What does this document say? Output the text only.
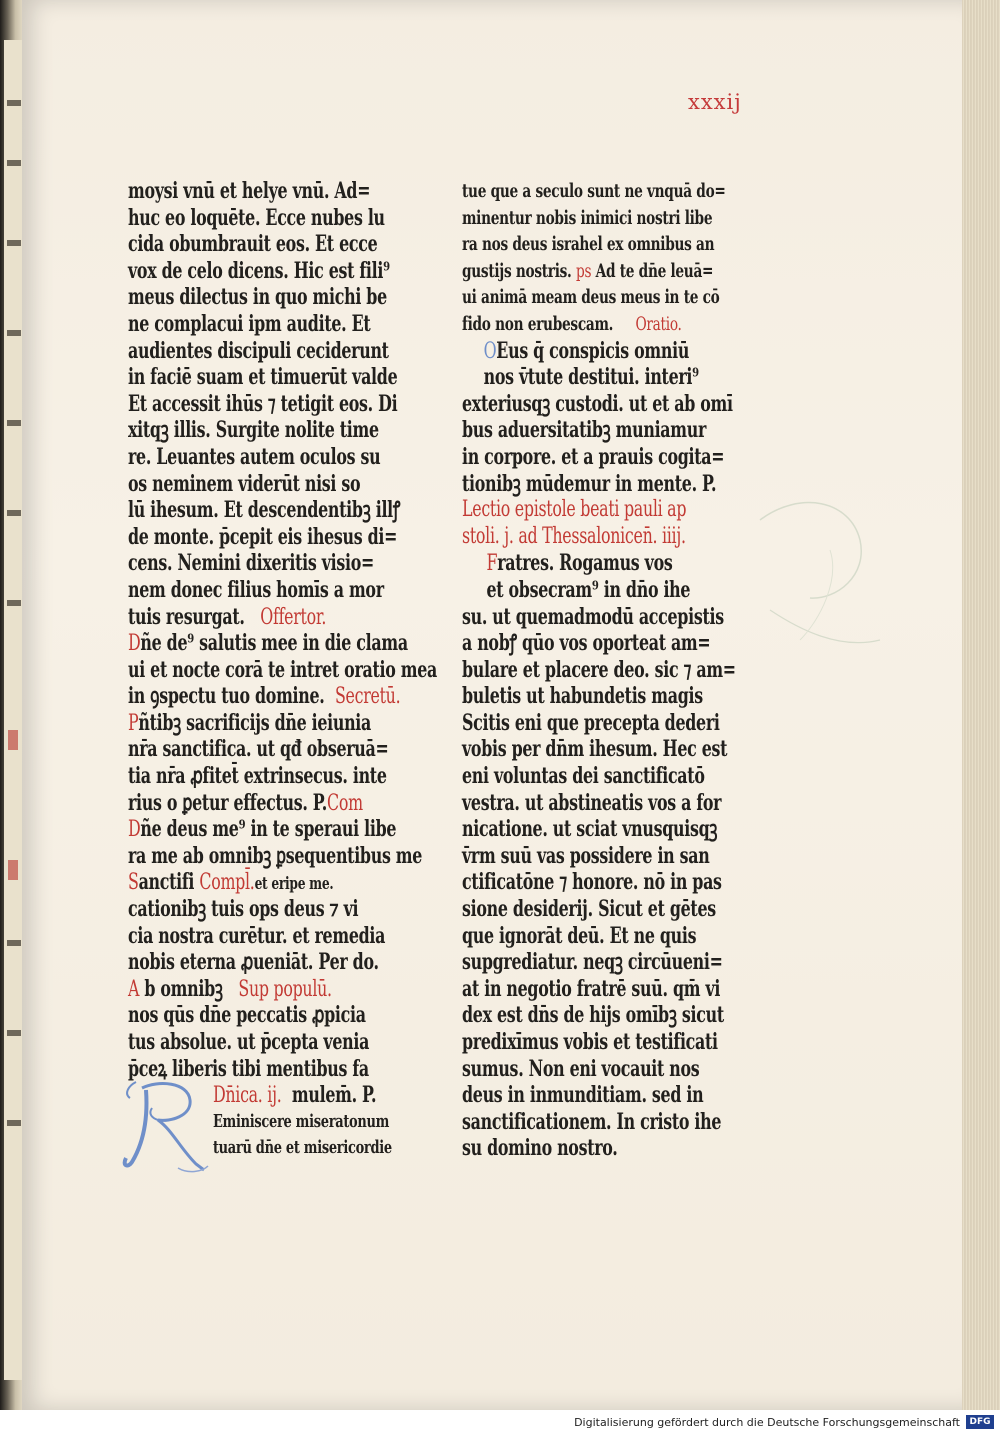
xxxij
moysi vnū et helye vnū. Ad=
huc eo loquēte. Ecce nubes lu
cida obumbrauit eos. Et ecce
vox de celo dicens. Hic est fili⁹
meus dilectus in quo michi be
ne complacui ipm audite. Et
audientes discipuli ceciderunt
in faciē suam et timuerūt valde
Et accessit ihūs ⁊ tetigit eos. Di
xitqꝫ illis. Surgite nolite time
re. Leuantes autem oculos su
os neminem viderūt nisi so
lū ihesum. Et descendentibꝫ illꝭ
de monte. p̄cepit eis ihesus di=
cens. Nemini dixeritis visio=
nem donec filius homīs a mor
tuis resurgat. Offertor.
Dñe de⁹ salutis mee in die clama
ui et nocte corā te intret oratio mea
in ꝯspectu tuo domine. Secretū.
Pñtibꝫ sacrificijs dn̄e ieiunia
nr̄a sanctifica. ut qđ obseruā=
tia nr̄a ꝓfitet̄ extrinsecus. inte
rius o ꝑetur effectus. P.Com
Dñe deus me⁹ in te speraui libe
ra me ab omnibꝫ ꝑsequentibus me
Sanctifi Compl̄.et eripe me.
cationibꝫ tuis ops deus ⁊ vi
cia nostra curētur. et remedia
nobis eterna ꝓueniāt. Per do.
A b omnibꝫ Sup populū.
nos qūs dn̄e peccatis ꝓpicia
tus absolue. ut p̄cepta venia
p̄ceꝝ liberis tibi mentibus fa
Dn̄ica. ij. mulem̄. P.
Eminiscere miseratonum
tuarū dn̄e et misericordie
tue que a seculo sunt ne vnquā do=
minentur nobis inimici nostri libe
ra nos deus israhel ex omnibus an
gustijs nostris. ps Ad te dn̄e leuā=
ui animā meam deus meus in te cō
fido non erubescam. Oratio.
OEus q̄ conspicis omniū
nos v̄tute destitui. interi⁹
exteriusqꝫ custodi. ut et ab omī
bus aduersitatibꝫ muniamur
in corpore. et a prauis cogita=
tionibꝫ mūdemur in mente. P.
Lectio epistole beati pauli ap
stoli. j. ad Thessalonicen̄. iiij.
Fratres. Rogamus vos
et obsecram⁹ in dn̄o ihe
su. ut quemadmodū accepistis
a nobꝭ qūo vos oporteat am=
bulare et placere deo. sic ⁊ am=
buletis ut habundetis magis
Scitis eni que precepta dederi
vobis per dn̄m ihesum. Hec est
eni voluntas dei sanctificatō
vestra. ut abstineatis vos a for
nicatione. ut sciat vnusquisqꝫ
v̄rm suū vas possidere in san
ctificatōne ⁊ honore. nō in pas
sione desiderij. Sicut et gētes
que ignorāt deū. Et ne quis
supgrediatur. neqꝫ circūueni=
at in negotio fratrē suū. qm̄ vi
dex est dn̄s de hijs omībꝫ sicut
predixīmus vobis et testificati
sumus. Non eni vocauit nos
deus in inmunditiam. sed in
sanctificationem. In cristo ihe
su domino nostro.
Digitalisierung gefördert durch die Deutsche Forschungsgemeinschaft	DFG
